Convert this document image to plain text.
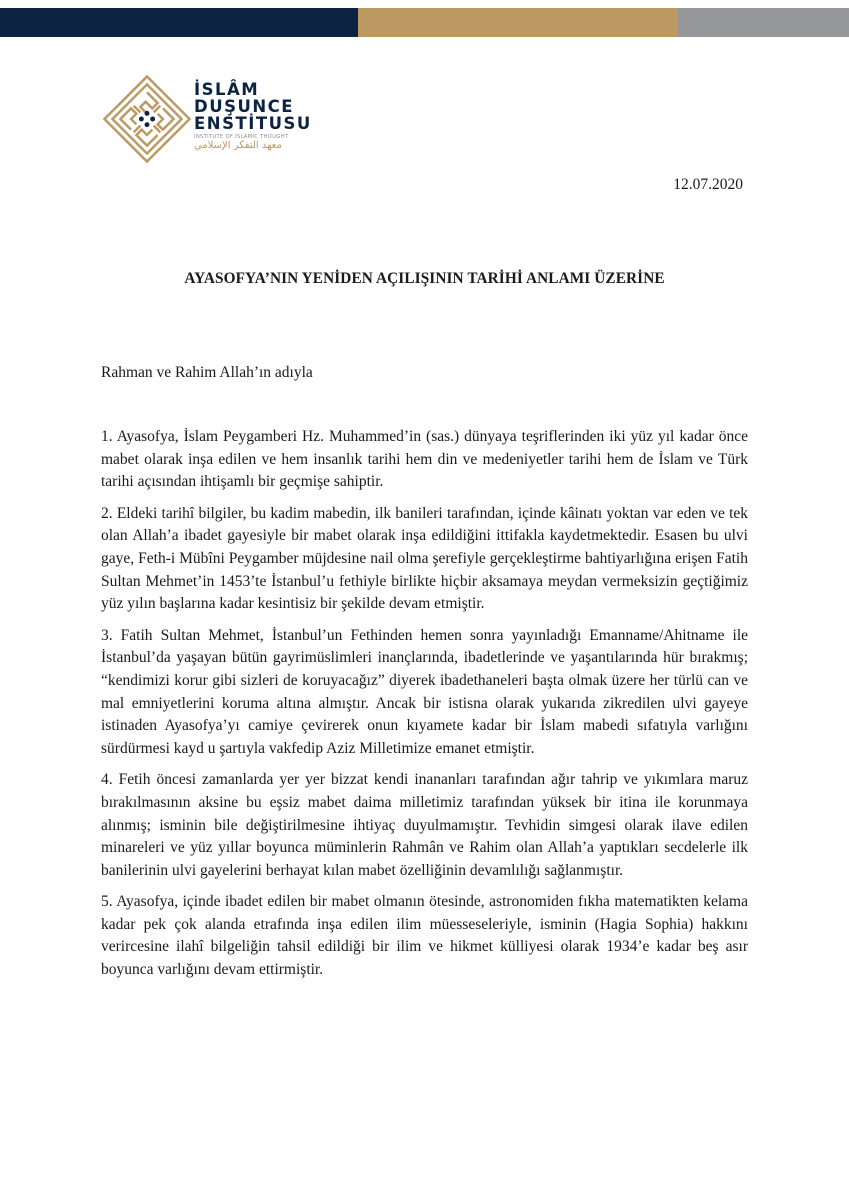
İSLÂM
DUŞUNCE
ENSTİTUSU
INSTITUTE OF ISLAMIC THOUGHT
معهد التفكر الإسلامي
12.07.2020
AYASOFYA’NIN YENİDEN AÇILIŞININ TARİHİ ANLAMI ÜZERİNE
Rahman ve Rahim Allah’ın adıyla

1. Ayasofya, İslam Peygamberi Hz. Muhammed’in (sas.) dünyaya teşriflerinden iki yüz yıl kadar önce mabet olarak inşa edilen ve hem insanlık tarihi hem din ve medeniyetler tarihi hem de İslam ve Türk tarihi açısından ihtişamlı bir geçmişe sahiptir.

2. Eldeki tarihî bilgiler, bu kadim mabedin, ilk banileri tarafından, içinde kâinatı yoktan var eden ve tek olan Allah’a ibadet gayesiyle bir mabet olarak inşa edildiğini ittifakla kaydetmektedir. Esasen bu ulvi gaye, Feth-i Mübîni Peygamber müjdesine nail olma şerefiyle gerçekleştirme bahtiyarlığına erişen Fatih Sultan Mehmet’in 1453’te İstanbul’u fethiyle birlikte hiçbir aksamaya meydan vermeksizin geçtiğimiz yüz yılın başlarına kadar kesintisiz bir şekilde devam etmiştir.

3. Fatih Sultan Mehmet, İstanbul’un Fethinden hemen sonra yayınladığı Emanname/Ahitname ile İstanbul’da yaşayan bütün gayrimüslimleri inançlarında, ibadetlerinde ve yaşantılarında hür bırakmış; “kendimizi korur gibi sizleri de koruyacağız” diyerek ibadethaneleri başta olmak üzere her türlü can ve mal emniyetlerini koruma altına almıştır. Ancak bir istisna olarak yukarıda zikredilen ulvi gayeye istinaden Ayasofya’yı camiye çevirerek onun kıyamete kadar bir İslam mabedi sıfatıyla varlığını sürdürmesi kayd u şartıyla vakfedip Aziz Milletimize emanet etmiştir.

4. Fetih öncesi zamanlarda yer yer bizzat kendi inananları tarafından ağır tahrip ve yıkımlara maruz bırakılmasının aksine bu eşsiz mabet daima milletimiz tarafından yüksek bir itina ile korunmaya alınmış; isminin bile değiştirilmesine ihtiyaç duyulmamıştır. Tevhidin simgesi olarak ilave edilen minareleri ve yüz yıllar boyunca müminlerin Rahmân ve Rahim olan Allah’a yaptıkları secdelerle ilk banilerinin ulvi gayelerini berhayat kılan mabet özelliğinin devamlılığı sağlanmıştır.

5. Ayasofya, içinde ibadet edilen bir mabet olmanın ötesinde, astronomiden fıkha matematikten kelama kadar pek çok alanda etrafında inşa edilen ilim müesseseleriyle, isminin (Hagia Sophia) hakkını verircesine ilahî bilgeliğin tahsil edildiği bir ilim ve hikmet külliyesi olarak 1934’e kadar beş asır boyunca varlığını devam ettirmiştir.
